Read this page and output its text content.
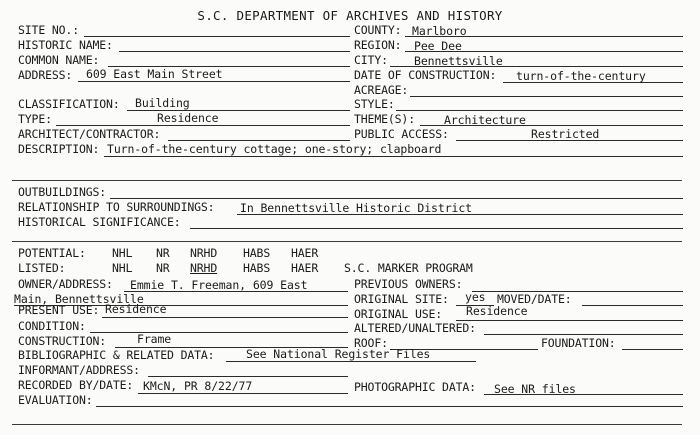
S.C. DEPARTMENT OF ARCHIVES AND HISTORY
SITE NO.:
HISTORIC NAME:
COMMON NAME:
ADDRESS: 609 East Main Street
COUNTY: Marlboro
REGION: Pee Dee
CITY: Bennettsville
DATE OF CONSTRUCTION: turn-of-the-century
ACREAGE:
CLASSIFICATION: Building	STYLE:
TYPE:	Residence	THEME(S):	Architecture
ARCHITECT/CONTRACTOR:	PUBLIC ACCESS:	Restricted
DESCRIPTION: Turn-of-the-century cottage; one-story; clapboard
OUTBUILDINGS:
RELATIONSHIP TO SURROUNDINGS: In Bennettsville Historic District
HISTORICAL SIGNIFICANCE:
POTENTIAL: NHL NR NRHD HABS HAER
LISTED:	NHL NR NRHD HABS HAER S.C. MARKER PROGRAM
OWNER/ADDRESS: Emmie T. Freeman, 609 East	PREVIOUS OWNERS:
Main, Bennettsville	ORIGINAL SITE: yes MOVED/DATE:
PRESENT USE: Residence	ORIGINAL USE: Residence
CONDITION:	ALTERED/UNALTERED:
CONSTRUCTION:	Frame	ROOF:	FOUNDATION:
BIBLIOGRAPHIC & RELATED DATA:	See National Register Files
INFORMANT/ADDRESS:
RECORDED BY/DATE: KMcN, PR 8/22/77	PHOTOGRAPHIC DATA: See NR files
EVALUATION:
